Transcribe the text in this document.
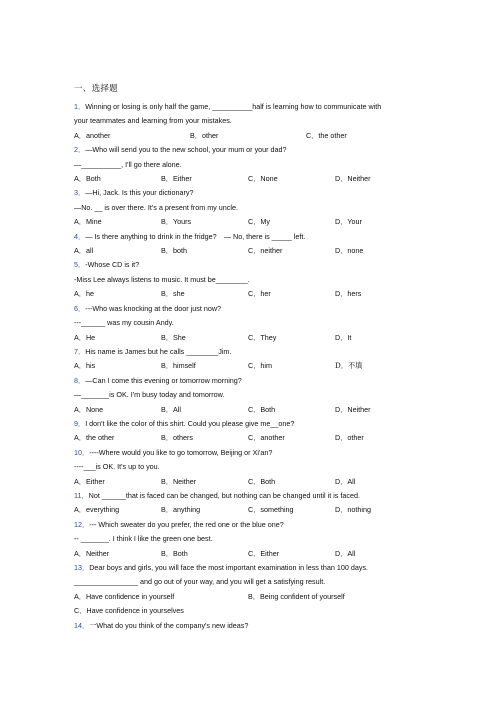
一、选择题
1．Winning or losing is only half the game, __________half is learning how to communicate with
your teammates and learning from your mistakes.
A．another	B．other	C．the other
2．—Who will send you to the new school, your mum or your dad?
—__________, I'll go there alone.
A．Both	B．Either	C．None	D．Neither
3．—Hi, Jack. Is this your dictionary?
—No. __ is over there. It's a present from my uncle.
A．Mine	B．Yours	C．My	D．Your
4．— Is there anything to drink in the fridge?　— No, there is _____ left.
A．all	B．both	C．neither	D．none
5．-Whose CD is it?
-Miss Lee always listens to music. It must be________.
A．he	B．she	C．her	D．hers
6．---Who was knocking at the door just now?
---______ was my cousin Andy.
A．He	B．She	C．They	D．It
7．His name is James but he calls ________Jim.
A．his	B．himself	C．him	D．不填
8．—Can I come this evening or tomorrow morning?
—_______is OK. I'm busy today and tomorrow.
A．None	B．All	C．Both	D．Neither
9．I don't like the color of this shirt. Could you please give me__one?
A．the other	B．others	C．another	D．other
10．----Where would you like to go tomorrow, Beijing or Xi'an?
----___is OK. It's up to you.
A．Either	B．Neither	C．Both	D．All
11．Not ______that is faced can be changed, but nothing can be changed until it is faced.
A．everything	B．anything	C．something	D．nothing
12．--- Which sweater do you prefer, the red one or the blue one?
-- _______. I think I like the green one best.
A．Neither	B．Both	C．Either	D．All
13．Dear boys and girls, you will face the most important examination in less than 100 days.
________________ and go out of your way, and you will get a satisfying result.
A．Have confidence in yourself	B．Being confident of yourself
C．Have confidence in yourselves
14．一What do you think of the company's new ideas?
